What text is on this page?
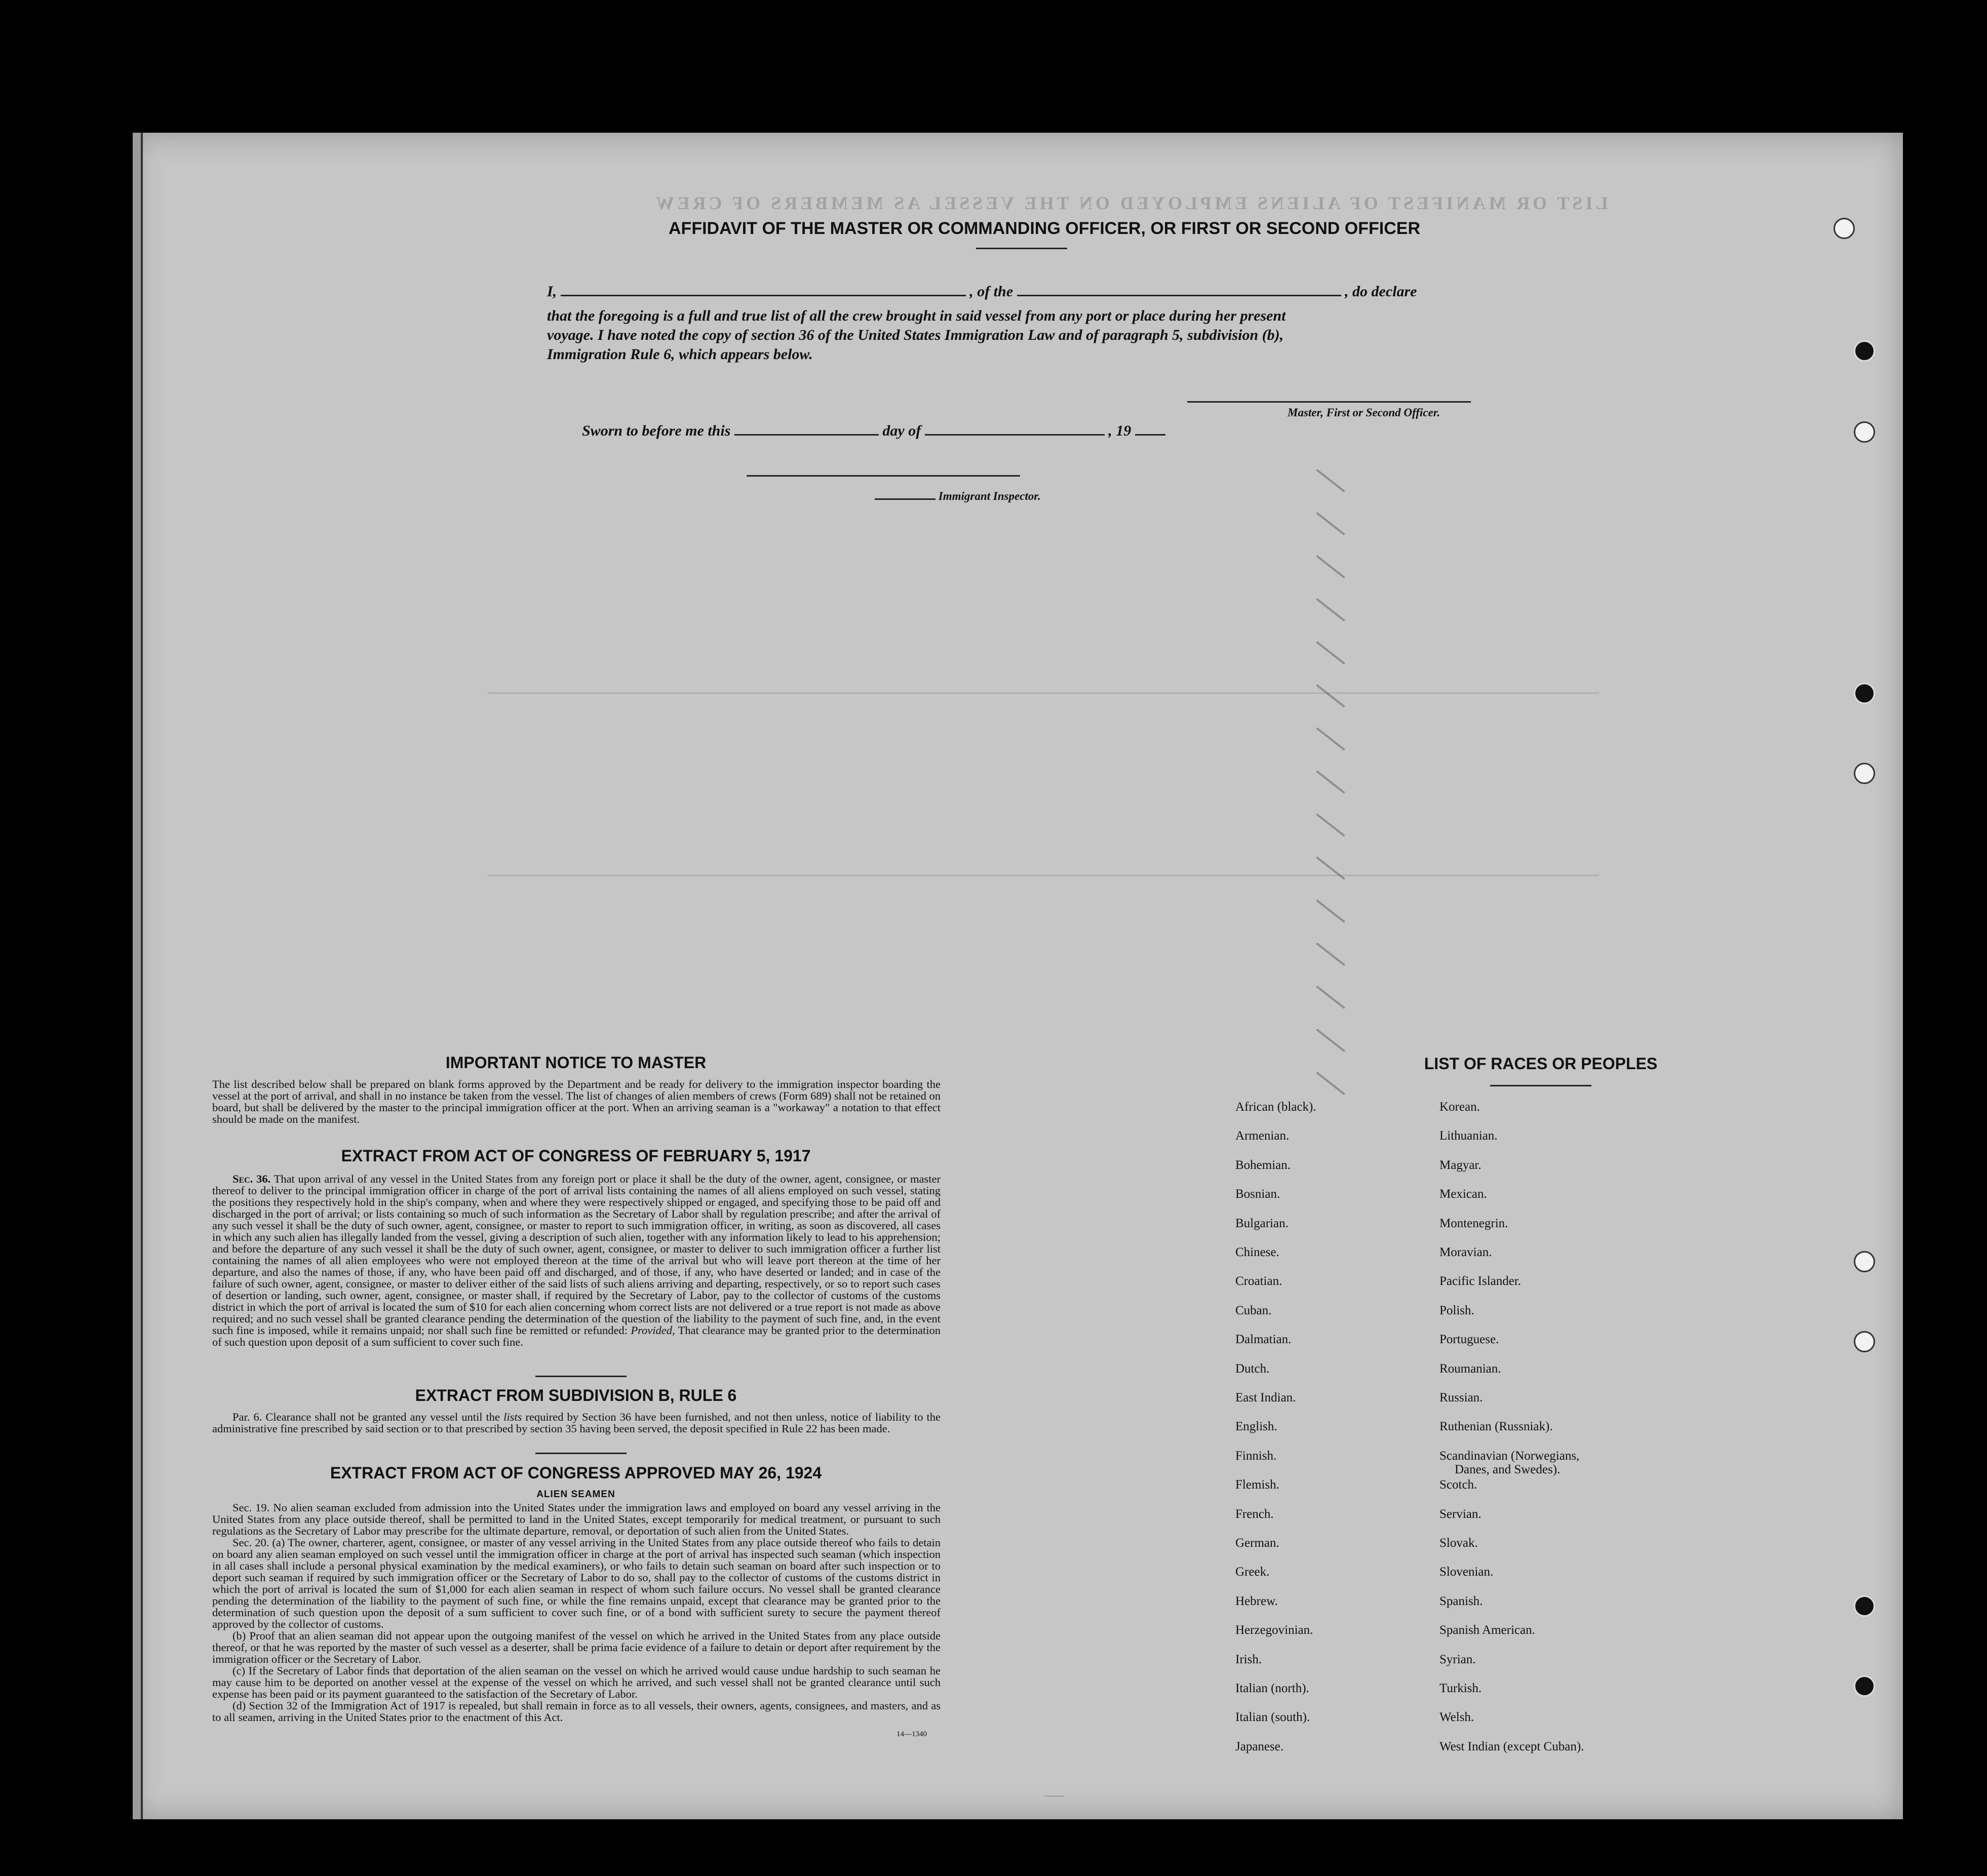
LIST OR MANIFEST OF ALIENS EMPLOYED ON THE VESSEL AS MEMBERS OF CREW
AFFIDAVIT OF THE MASTER OR COMMANDING OFFICER, OR FIRST OR SECOND OFFICER
I,	, of the	, do declare
that the foregoing is a full and true list of all the crew brought in said vessel from any port or place during her present
voyage. I have noted the copy of section 36 of the United States Immigration Law and of paragraph 5, subdivision (b),
Immigration Rule 6, which appears below.
Master, First or Second Officer.
Sworn to before me this	day of	, 19
Immigrant Inspector.
IMPORTANT NOTICE TO MASTER
The list described below shall be prepared on blank forms approved by the Department and be ready for delivery to the immigration inspector boarding the vessel at the port of arrival, and shall in no instance be taken from the vessel. The list of changes of alien members of crews (Form 689) shall not be retained on board, but shall be delivered by the master to the principal immigration officer at the port. When an arriving seaman is a "workaway" a notation to that effect should be made on the manifest.
EXTRACT FROM ACT OF CONGRESS OF FEBRUARY 5, 1917
Sec. 36. That upon arrival of any vessel in the United States from any foreign port or place it shall be the duty of the owner, agent, consignee, or master thereof to deliver to the principal immigration officer in charge of the port of arrival lists containing the names of all aliens employed on such vessel, stating the positions they respectively hold in the ship's company, when and where they were respectively shipped or engaged, and specifying those to be paid off and discharged in the port of arrival; or lists containing so much of such information as the Secretary of Labor shall by regulation prescribe; and after the arrival of any such vessel it shall be the duty of such owner, agent, consignee, or master to report to such immigration officer, in writing, as soon as discovered, all cases in which any such alien has illegally landed from the vessel, giving a description of such alien, together with any information likely to lead to his apprehension; and before the departure of any such vessel it shall be the duty of such owner, agent, consignee, or master to deliver to such immigration officer a further list containing the names of all alien employees who were not employed thereon at the time of the arrival but who will leave port thereon at the time of her departure, and also the names of those, if any, who have been paid off and discharged, and of those, if any, who have deserted or landed; and in case of the failure of such owner, agent, consignee, or master to deliver either of the said lists of such aliens arriving and departing, respectively, or so to report such cases of desertion or landing, such owner, agent, consignee, or master shall, if required by the Secretary of Labor, pay to the collector of customs of the customs district in which the port of arrival is located the sum of $10 for each alien concerning whom correct lists are not delivered or a true report is not made as above required; and no such vessel shall be granted clearance pending the determination of the question of the liability to the payment of such fine, and, in the event such fine is imposed, while it remains unpaid; nor shall such fine be remitted or refunded: Provided, That clearance may be granted prior to the determination of such question upon deposit of a sum sufficient to cover such fine.
EXTRACT FROM SUBDIVISION B, RULE 6
Par. 6. Clearance shall not be granted any vessel until the lists required by Section 36 have been furnished, and not then unless, notice of liability to the administrative fine prescribed by said section or to that prescribed by section 35 having been served, the deposit specified in Rule 22 has been made.
EXTRACT FROM ACT OF CONGRESS APPROVED MAY 26, 1924
ALIEN SEAMEN
Sec. 19. No alien seaman excluded from admission into the United States under the immigration laws and employed on board any vessel arriving in the United States from any place outside thereof, shall be permitted to land in the United States, except temporarily for medical treatment, or pursuant to such regulations as the Secretary of Labor may prescribe for the ultimate departure, removal, or deportation of such alien from the United States.
Sec. 20. (a) The owner, charterer, agent, consignee, or master of any vessel arriving in the United States from any place outside thereof who fails to detain on board any alien seaman employed on such vessel until the immigration officer in charge at the port of arrival has inspected such seaman (which inspection in all cases shall include a personal physical examination by the medical examiners), or who fails to detain such seaman on board after such inspection or to deport such seaman if required by such immigration officer or the Secretary of Labor to do so, shall pay to the collector of customs of the customs district in which the port of arrival is located the sum of $1,000 for each alien seaman in respect of whom such failure occurs. No vessel shall be granted clearance pending the determination of the liability to the payment of such fine, or while the fine remains unpaid, except that clearance may be granted prior to the determination of such question upon the deposit of a sum sufficient to cover such fine, or of a bond with sufficient surety to secure the payment thereof approved by the collector of customs.
(b) Proof that an alien seaman did not appear upon the outgoing manifest of the vessel on which he arrived in the United States from any place outside thereof, or that he was reported by the master of such vessel as a deserter, shall be prima facie evidence of a failure to detain or deport after requirement by the immigration officer or the Secretary of Labor.
(c) If the Secretary of Labor finds that deportation of the alien seaman on the vessel on which he arrived would cause undue hardship to such seaman he may cause him to be deported on another vessel at the expense of the vessel on which he arrived, and such vessel shall not be granted clearance until such expense has been paid or its payment guaranteed to the satisfaction of the Secretary of Labor.
(d) Section 32 of the Immigration Act of 1917 is repealed, but shall remain in force as to all vessels, their owners, agents, consignees, and masters, and as to all seamen, arriving in the United States prior to the enactment of this Act.
14—1340
LIST OF RACES OR PEOPLES
African (black).
Armenian.
Bohemian.
Bosnian.
Bulgarian.
Chinese.
Croatian.
Cuban.
Dalmatian.
Dutch.
East Indian.
English.
Finnish.
Flemish.
French.
German.
Greek.
Hebrew.
Herzegovinian.
Irish.
Italian (north).
Italian (south).
Japanese.
Korean.
Lithuanian.
Magyar.
Mexican.
Montenegrin.
Moravian.
Pacific Islander.
Polish.
Portuguese.
Roumanian.
Russian.
Ruthenian (Russniak).
Scandinavian (Norwegians,
Scotch.
Servian.
Slovak.
Slovenian.
Spanish.
Spanish American.
Syrian.
Turkish.
Welsh.
West Indian (except Cuban).
Danes, and Swedes).
—
